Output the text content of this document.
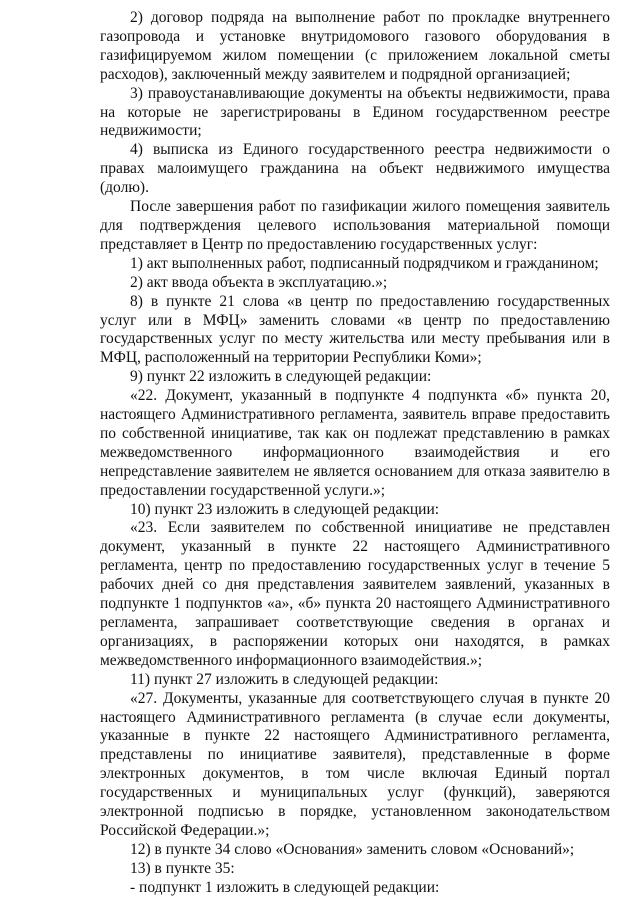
2) договор подряда на выполнение работ по прокладке внутреннего газопровода и установке внутридомового газового оборудования в газифицируемом жилом помещении (с приложением локальной сметы расходов), заключенный между заявителем и подрядной организацией;

3) правоустанавливающие документы на объекты недвижимости, права на которые не зарегистрированы в Едином государственном реестре недвижимости;

4) выписка из Единого государственного реестра недвижимости о правах малоимущего гражданина на объект недвижимого имущества (долю).

После завершения работ по газификации жилого помещения заявитель для подтверждения целевого использования материальной помощи представляет в Центр по предоставлению государственных услуг:

1) акт выполненных работ, подписанный подрядчиком и гражданином;

2) акт ввода объекта в эксплуатацию.»;

8) в пункте 21 слова «в центр по предоставлению государственных услуг или в МФЦ» заменить словами «в центр по предоставлению государственных услуг по месту жительства или месту пребывания или в МФЦ, расположенный на территории Республики Коми»;

9) пункт 22 изложить в следующей редакции:

«22. Документ, указанный в подпункте 4 подпункта «б» пункта 20, настоящего Административного регламента, заявитель вправе предоставить по собственной инициативе, так как он подлежат представлению в рамках межведомственного информационного взаимодействия и его непредставление заявителем не является основанием для отказа заявителю в предоставлении государственной услуги.»;

10) пункт 23 изложить в следующей редакции:

«23. Если заявителем по собственной инициативе не представлен документ, указанный в пункте 22 настоящего Административного регламента, центр по предоставлению государственных услуг в течение 5 рабочих дней со дня представления заявителем заявлений, указанных в подпункте 1 подпунктов «а», «б» пункта 20 настоящего Административного регламента, запрашивает соответствующие сведения в органах и организациях, в распоряжении которых они находятся, в рамках межведомственного информационного взаимодействия.»;

11) пункт 27 изложить в следующей редакции:

«27. Документы, указанные для соответствующего случая в пункте 20 настоящего Административного регламента (в случае если документы, указанные в пункте 22 настоящего Административного регламента, представлены по инициативе заявителя), представленные в форме электронных документов, в том числе включая Единый портал государственных и муниципальных услуг (функций), заверяются электронной подписью в порядке, установленном законодательством Российской Федерации.»;

12) в пункте 34 слово «Основания» заменить словом «Оснований»;

13) в пункте 35:

- подпункт 1 изложить в следующей редакции:
